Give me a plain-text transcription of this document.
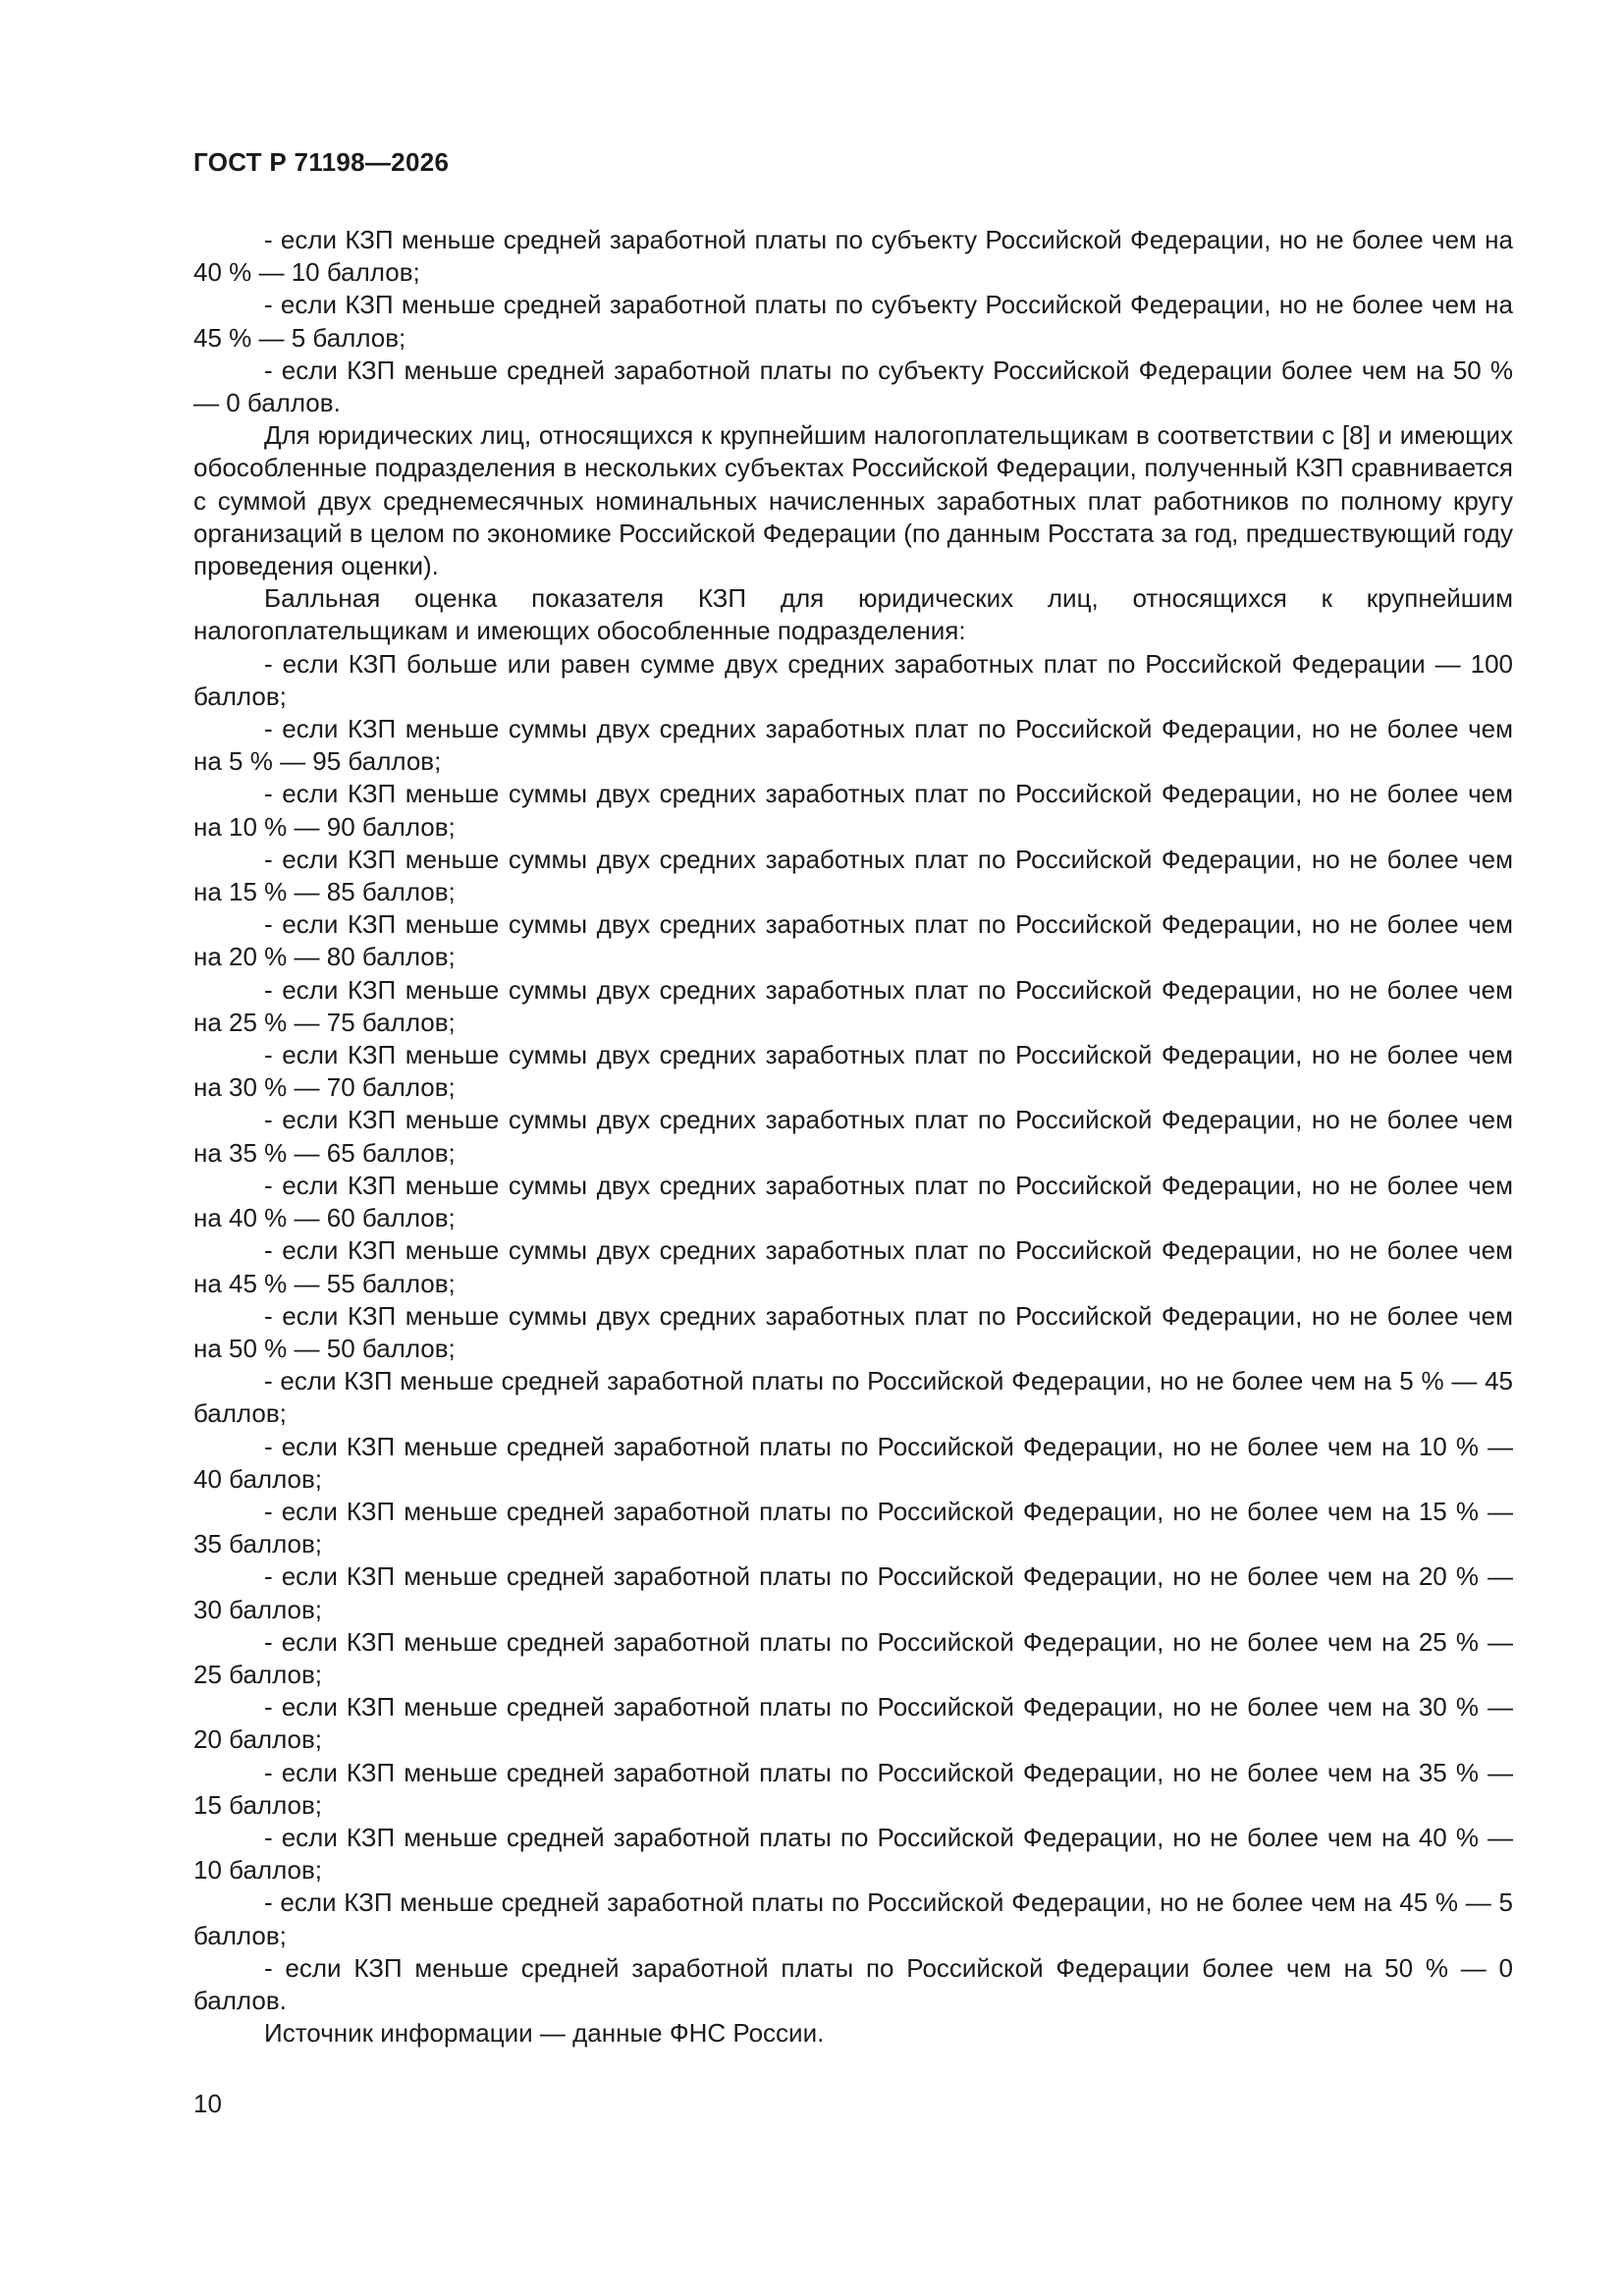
ГОСТ Р 71198—2026

- если КЗП меньше средней заработной платы по субъекту Российской Федерации, но не более чем на 40 % — 10 баллов;

- если КЗП меньше средней заработной платы по субъекту Российской Федерации, но не более чем на 45 % — 5 баллов;

- если КЗП меньше средней заработной платы по субъекту Российской Федерации более чем на 50 % — 0 баллов.

Для юридических лиц, относящихся к крупнейшим налогоплательщикам в соответствии с [8] и имеющих обособленные подразделения в нескольких субъектах Российской Федерации, полученный КЗП сравнивается с суммой двух среднемесячных номинальных начисленных заработных плат работников по полному кругу организаций в целом по экономике Российской Федерации (по данным Росстата за год, предшествующий году проведения оценки).

Балльная оценка показателя КЗП для юридических лиц, относящихся к крупнейшим налогоплательщикам и имеющих обособленные подразделения:

- если КЗП больше или равен сумме двух средних заработных плат по Российской Федерации — 100 баллов;

- если КЗП меньше суммы двух средних заработных плат по Российской Федерации, но не более чем на 5 % — 95 баллов;

- если КЗП меньше суммы двух средних заработных плат по Российской Федерации, но не более чем на 10 % — 90 баллов;

- если КЗП меньше суммы двух средних заработных плат по Российской Федерации, но не более чем на 15 % — 85 баллов;

- если КЗП меньше суммы двух средних заработных плат по Российской Федерации, но не более чем на 20 % — 80 баллов;

- если КЗП меньше суммы двух средних заработных плат по Российской Федерации, но не более чем на 25 % — 75 баллов;

- если КЗП меньше суммы двух средних заработных плат по Российской Федерации, но не более чем на 30 % — 70 баллов;

- если КЗП меньше суммы двух средних заработных плат по Российской Федерации, но не более чем на 35 % — 65 баллов;

- если КЗП меньше суммы двух средних заработных плат по Российской Федерации, но не более чем на 40 % — 60 баллов;

- если КЗП меньше суммы двух средних заработных плат по Российской Федерации, но не более чем на 45 % — 55 баллов;

- если КЗП меньше суммы двух средних заработных плат по Российской Федерации, но не более чем на 50 % — 50 баллов;

- если КЗП меньше средней заработной платы по Российской Федерации, но не более чем на 5 % — 45 баллов;

- если КЗП меньше средней заработной платы по Российской Федерации, но не более чем на 10 % — 40 баллов;

- если КЗП меньше средней заработной платы по Российской Федерации, но не более чем на 15 % — 35 баллов;

- если КЗП меньше средней заработной платы по Российской Федерации, но не более чем на 20 % — 30 баллов;

- если КЗП меньше средней заработной платы по Российской Федерации, но не более чем на 25 % — 25 баллов;

- если КЗП меньше средней заработной платы по Российской Федерации, но не более чем на 30 % — 20 баллов;

- если КЗП меньше средней заработной платы по Российской Федерации, но не более чем на 35 % — 15 баллов;

- если КЗП меньше средней заработной платы по Российской Федерации, но не более чем на 40 % — 10 баллов;

- если КЗП меньше средней заработной платы по Российской Федерации, но не более чем на 45 % — 5 баллов;

- если КЗП меньше средней заработной платы по Российской Федерации более чем на 50 % — 0 баллов.

Источник информации — данные ФНС России.

10
